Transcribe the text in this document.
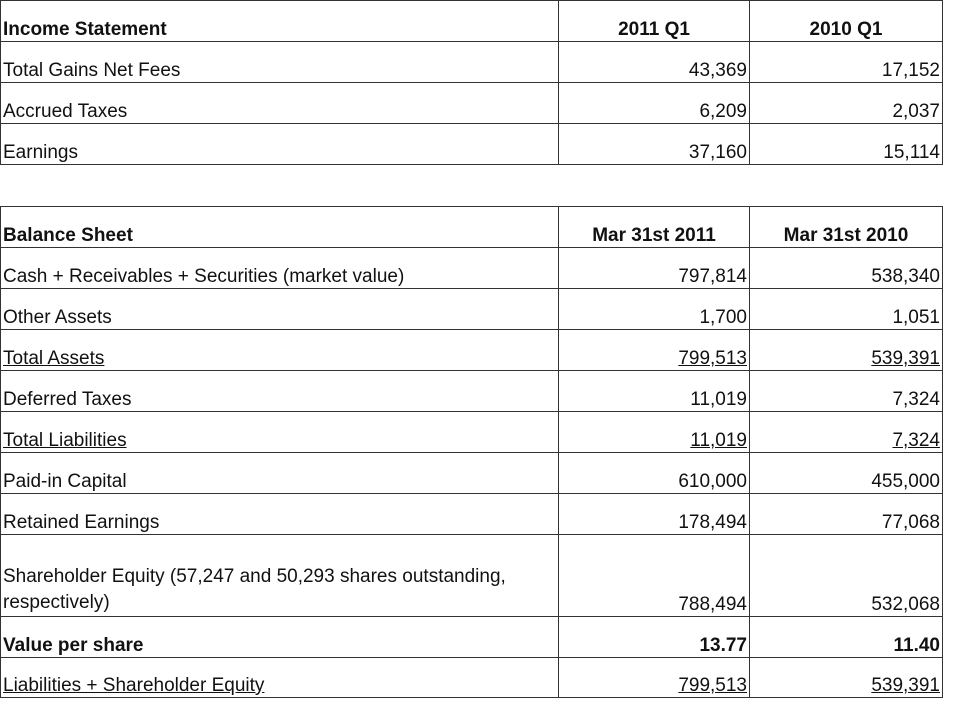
Income Statement	2011 Q1	2010 Q1
Total Gains Net Fees	43,369	17,152
Accrued Taxes	6,209	2,037
Earnings	37,160	15,114
Balance Sheet	Mar 31st 2011	Mar 31st 2010
Cash + Receivables + Securities (market value)	797,814	538,340
Other Assets	1,700	1,051
Total Assets	799,513	539,391
Deferred Taxes	11,019	7,324
Total Liabilities	11,019	7,324
Paid-in Capital	610,000	455,000
Retained Earnings	178,494	77,068
Shareholder Equity (57,247 and 50,293 shares outstanding, respectively)	788,494	532,068
Value per share	13.77	11.40
Liabilities + Shareholder Equity	799,513	539,391
